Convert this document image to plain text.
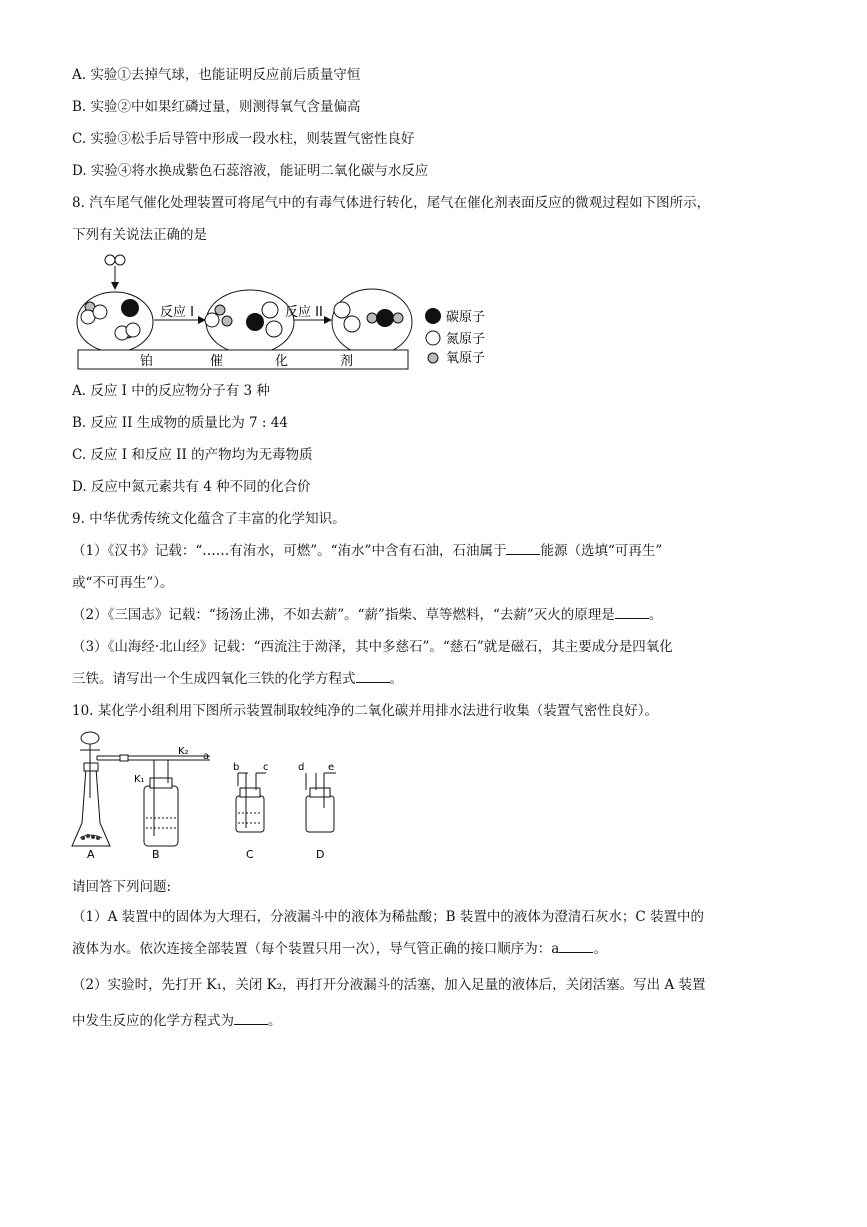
A. 实验①去掉气球，也能证明反应前后质量守恒
B. 实验②中如果红磷过量，则测得氧气含量偏高
C. 实验③松手后导管中形成一段水柱，则装置气密性良好
D. 实验④将水换成紫色石蕊溶液，能证明二氧化碳与水反应
8. 汽车尾气催化处理装置可将尾气中的有毒气体进行转化，尾气在催化剂表面反应的微观过程如下图所示，
下列有关说法正确的是
反应 I	反应 II
铂	催	化	剂
碳原子
氮原子
氧原子
A. 反应 I 中的反应物分子有 3 种
B. 反应 II 生成物的质量比为 7 : 44
C. 反应 I 和反应 II 的产物均为无毒物质
D. 反应中氮元素共有 4 种不同的化合价
9. 中华优秀传统文化蕴含了丰富的化学知识。
（1）《汉书》记载：“……有洧水，可燃”。“洧水”中含有石油，石油属于	能源（选填“可再生”
或“不可再生”）。
（2）《三国志》记载：“扬汤止沸，不如去薪”。“薪”指柴、草等燃料，“去薪”灭火的原理是	。
（3）《山海经·北山经》记载：“西流注于泑泽，其中多慈石”。“慈石”就是磁石，其主要成分是四氧化
三铁。请写出一个生成四氧化三铁的化学方程式	。
10. 某化学小组利用下图所示装置制取较纯净的二氧化碳并用排水法进行收集（装置气密性良好）。
K₁
K₂ a
b c	d e
A	B	C	D
请回答下列问题:
（1）A 装置中的固体为大理石，分液漏斗中的液体为稀盐酸；B 装置中的液体为澄清石灰水；C 装置中的
液体为水。依次连接全部装置（每个装置只用一次），导气管正确的接口顺序为：a	。
（2）实验时，先打开 K₁，关闭 K₂，再打开分液漏斗的活塞，加入足量的液体后，关闭活塞。写出 A 装置
中发生反应的化学方程式为	。
